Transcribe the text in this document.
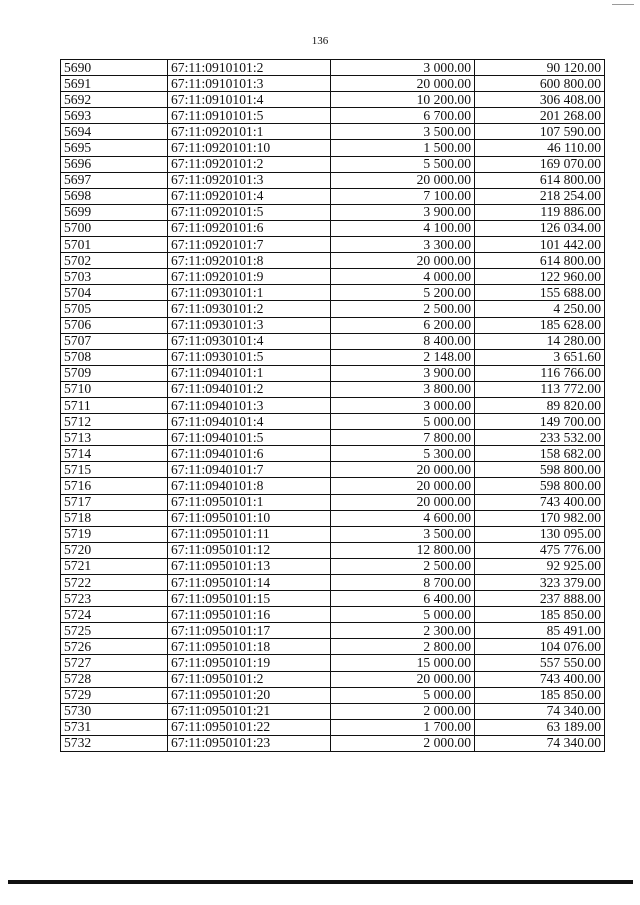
136
5690	67:11:0910101:2	3 000.00	90 120.00
5691	67:11:0910101:3	20 000.00	600 800.00
5692	67:11:0910101:4	10 200.00	306 408.00
5693	67:11:0910101:5	6 700.00	201 268.00
5694	67:11:0920101:1	3 500.00	107 590.00
5695	67:11:0920101:10	1 500.00	46 110.00
5696	67:11:0920101:2	5 500.00	169 070.00
5697	67:11:0920101:3	20 000.00	614 800.00
5698	67:11:0920101:4	7 100.00	218 254.00
5699	67:11:0920101:5	3 900.00	119 886.00
5700	67:11:0920101:6	4 100.00	126 034.00
5701	67:11:0920101:7	3 300.00	101 442.00
5702	67:11:0920101:8	20 000.00	614 800.00
5703	67:11:0920101:9	4 000.00	122 960.00
5704	67:11:0930101:1	5 200.00	155 688.00
5705	67:11:0930101:2	2 500.00	4 250.00
5706	67:11:0930101:3	6 200.00	185 628.00
5707	67:11:0930101:4	8 400.00	14 280.00
5708	67:11:0930101:5	2 148.00	3 651.60
5709	67:11:0940101:1	3 900.00	116 766.00
5710	67:11:0940101:2	3 800.00	113 772.00
5711	67:11:0940101:3	3 000.00	89 820.00
5712	67:11:0940101:4	5 000.00	149 700.00
5713	67:11:0940101:5	7 800.00	233 532.00
5714	67:11:0940101:6	5 300.00	158 682.00
5715	67:11:0940101:7	20 000.00	598 800.00
5716	67:11:0940101:8	20 000.00	598 800.00
5717	67:11:0950101:1	20 000.00	743 400.00
5718	67:11:0950101:10	4 600.00	170 982.00
5719	67:11:0950101:11	3 500.00	130 095.00
5720	67:11:0950101:12	12 800.00	475 776.00
5721	67:11:0950101:13	2 500.00	92 925.00
5722	67:11:0950101:14	8 700.00	323 379.00
5723	67:11:0950101:15	6 400.00	237 888.00
5724	67:11:0950101:16	5 000.00	185 850.00
5725	67:11:0950101:17	2 300.00	85 491.00
5726	67:11:0950101:18	2 800.00	104 076.00
5727	67:11:0950101:19	15 000.00	557 550.00
5728	67:11:0950101:2	20 000.00	743 400.00
5729	67:11:0950101:20	5 000.00	185 850.00
5730	67:11:0950101:21	2 000.00	74 340.00
5731	67:11:0950101:22	1 700.00	63 189.00
5732	67:11:0950101:23	2 000.00	74 340.00
